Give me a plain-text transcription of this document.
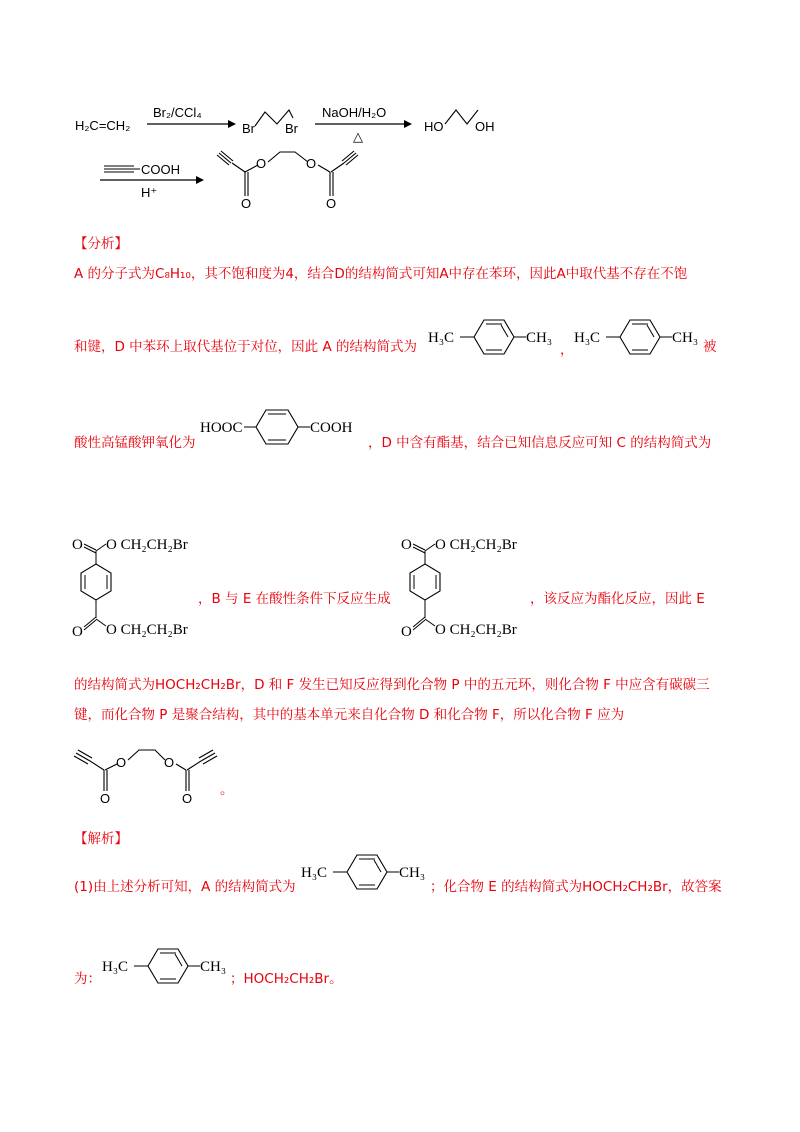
H₂C=CH₂
Br₂/CCl₄
Br Br
NaOH/H₂O
△
HO OH
COOH
H⁺
O	O
O	O
【分析】
A 的分子式为C₈H₁₀，其不饱和度为4，结合D的结构简式可知A中存在苯环，因此A中取代基不存在不饱
和键，D 中苯环上取代基位于对位，因此 A 的结构简式为
H₃C	CH₃
，
H₃C	CH₃
被
酸性高锰酸钾氧化为
HOOC	COOH
，D 中含有酯基，结合已知信息反应可知 C 的结构简式为
O O CH₂CH₂Br
O O CH₂CH₂Br
，B 与 E 在酸性条件下反应生成
O O CH₂CH₂Br
O O CH₂CH₂Br
，该反应为酯化反应，因此 E
的结构简式为HOCH₂CH₂Br，D 和 F 发生已知反应得到化合物 P 中的五元环，则化合物 F 中应含有碳碳三
键，而化合物 P 是聚合结构，其中的基本单元来自化合物 D 和化合物 F，所以化合物 F 应为
O	O
O	O
。
【解析】
(1)由上述分析可知，A 的结构简式为
H₃C	CH₃
；化合物 E 的结构简式为HOCH₂CH₂Br，故答案
为：
H₃C	CH₃
；HOCH₂CH₂Br。
